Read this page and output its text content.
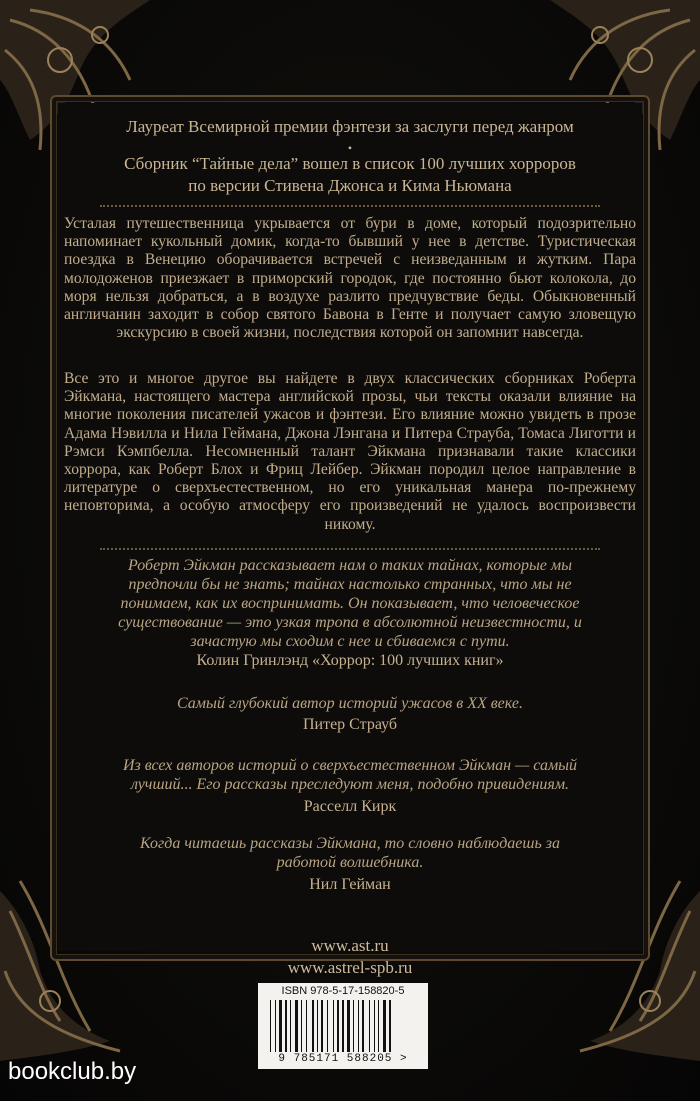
Лауреат Всемирной премии фэнтези за заслуги перед жанром
•
Сборник “Тайные дела” вошел в список 100 лучших хорроров
по версии Стивена Джонса и Кима Ньюмана
Усталая путешественница укрывается от бури в доме, который подозрительно напоминает кукольный домик, когда-то бывший у нее в детстве. Туристическая поездка в Венецию оборачивается встречей с неизведанным и жутким. Пара молодоженов приезжает в приморский городок, где постоянно бьют колокола, до моря нельзя добраться, а в воздухе разлито предчувствие беды. Обыкновенный англичанин заходит в собор святого Бавона в Генте и получает самую зловещую экскурсию в своей жизни, последствия которой он запомнит навсегда.
Все это и многое другое вы найдете в двух классических сборниках Роберта Эйкмана, настоящего мастера английской прозы, чьи тексты оказали влияние на многие поколения писателей ужасов и фэнтези. Его влияние можно увидеть в прозе Адама Нэвилла и Нила Геймана, Джона Лэнгана и Питера Страуба, Томаса Лиготти и Рэмси Кэмпбелла. Несомненный талант Эйкмана признавали такие классики хоррора, как Роберт Блох и Фриц Лейбер. Эйкман породил целое направление в литературе о сверхъестественном, но его уникальная манера по-прежнему неповторима, а особую атмосферу его произведений не удалось воспроизвести никому.
Роберт Эйкман рассказывает нам о таких тайнах, которые мы предпочли бы не знать; тайнах настолько странных, что мы не понимаем, как их воспринимать. Он показывает, что человеческое существование — это узкая тропа в абсолютной неизвестности, и зачастую мы сходим с нее и сбиваемся с пути.
Колин Гринлэнд «Хоррор: 100 лучших книг»
Самый глубокий автор историй ужасов в XX веке.
Питер Страуб
Из всех авторов историй о сверхъестественном Эйкман — самый лучший... Его рассказы преследуют меня, подобно привидениям.
Расселл Кирк
Когда читаешь рассказы Эйкмана, то словно наблюдаешь за работой волшебника.
Нил Гейман
www.ast.ru
www.astrel-spb.ru
ISBN 978-5-17-158820-5
9 785171 588205 >
bookclub.by
